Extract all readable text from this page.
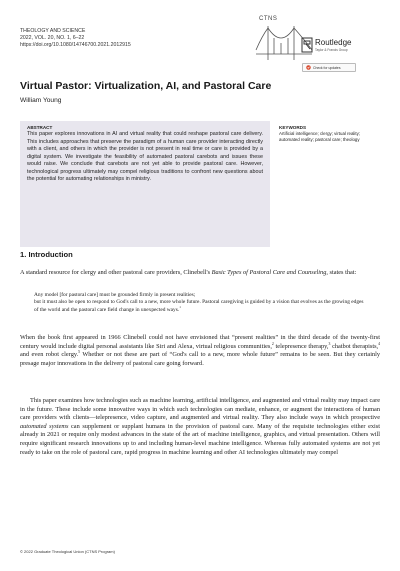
THEOLOGY AND SCIENCE
2022, VOL. 20, NO. 1, 6–22
https://doi.org/10.1080/14746700.2021.2012915
CTNS
Routledge
Taylor & Francis Group
Check for updates
Virtual Pastor: Virtualization, AI, and Pastoral Care
William Young
ABSTRACT
This paper explores innovations in AI and virtual reality that could reshape pastoral care delivery. This includes approaches that preserve the paradigm of a human care provider interacting directly with a client, and others in which the provider is not present in real time or care is provided by a digital system. We investigate the feasibility of automated pastoral carebots and issues these would raise. We conclude that carebots are not yet able to provide pastoral care. However, technological progress ultimately may compel religious traditions to confront new questions about the potential for automating relationships in ministry.
KEYWORDS
Artificial intelligence; clergy; virtual reality; automated reality; pastoral care; theology
1. Introduction
A standard resource for clergy and other pastoral care providers, Clinebell's Basic Types of Pastoral Care and Counseling, states that:
Any model [for pastoral care] must be grounded firmly in present realities;
but it must also be open to respond to God's call to a new, more whole future. Pastoral caregiving is guided by a vision that evolves as the growing edges of the world and the pastoral care field change in unexpected ways.$^1$
When the book first appeared in 1966 Clinebell could not have envisioned that “present realities” in the third decade of the twenty-first century would include digital personal assistants like Siri and Alexa, virtual religious communities,$^2$ telepresence therapy,$^3$ chatbot therapists,$^4$ and even robot clergy.$^5$ Whether or not these are part of “God's call to a new, more whole future” remains to be seen. But they certainly presage major innovations in the delivery of pastoral care going forward.
This paper examines how technologies such as machine learning, artificial intelligence, and augmented and virtual reality may impact care in the future. These include some innovative ways in which such technologies can mediate, enhance, or augment the interactions of human care providers with clients—telepresence, video capture, and augmented and virtual reality. They also include ways in which prospective automated systems can supplement or supplant humans in the provision of pastoral care. Many of the requisite technologies either exist already in 2021 or require only modest advances in the state of the art of machine intelligence, graphics, and virtual presentation. Others will require significant research innovations up to and including human-level machine intelligence. Whereas fully automated systems are not yet ready to take on the role of pastoral care, rapid progress in machine learning and other AI technologies ultimately may compel
© 2022 Graduate Theological Union (CTNS Program)
